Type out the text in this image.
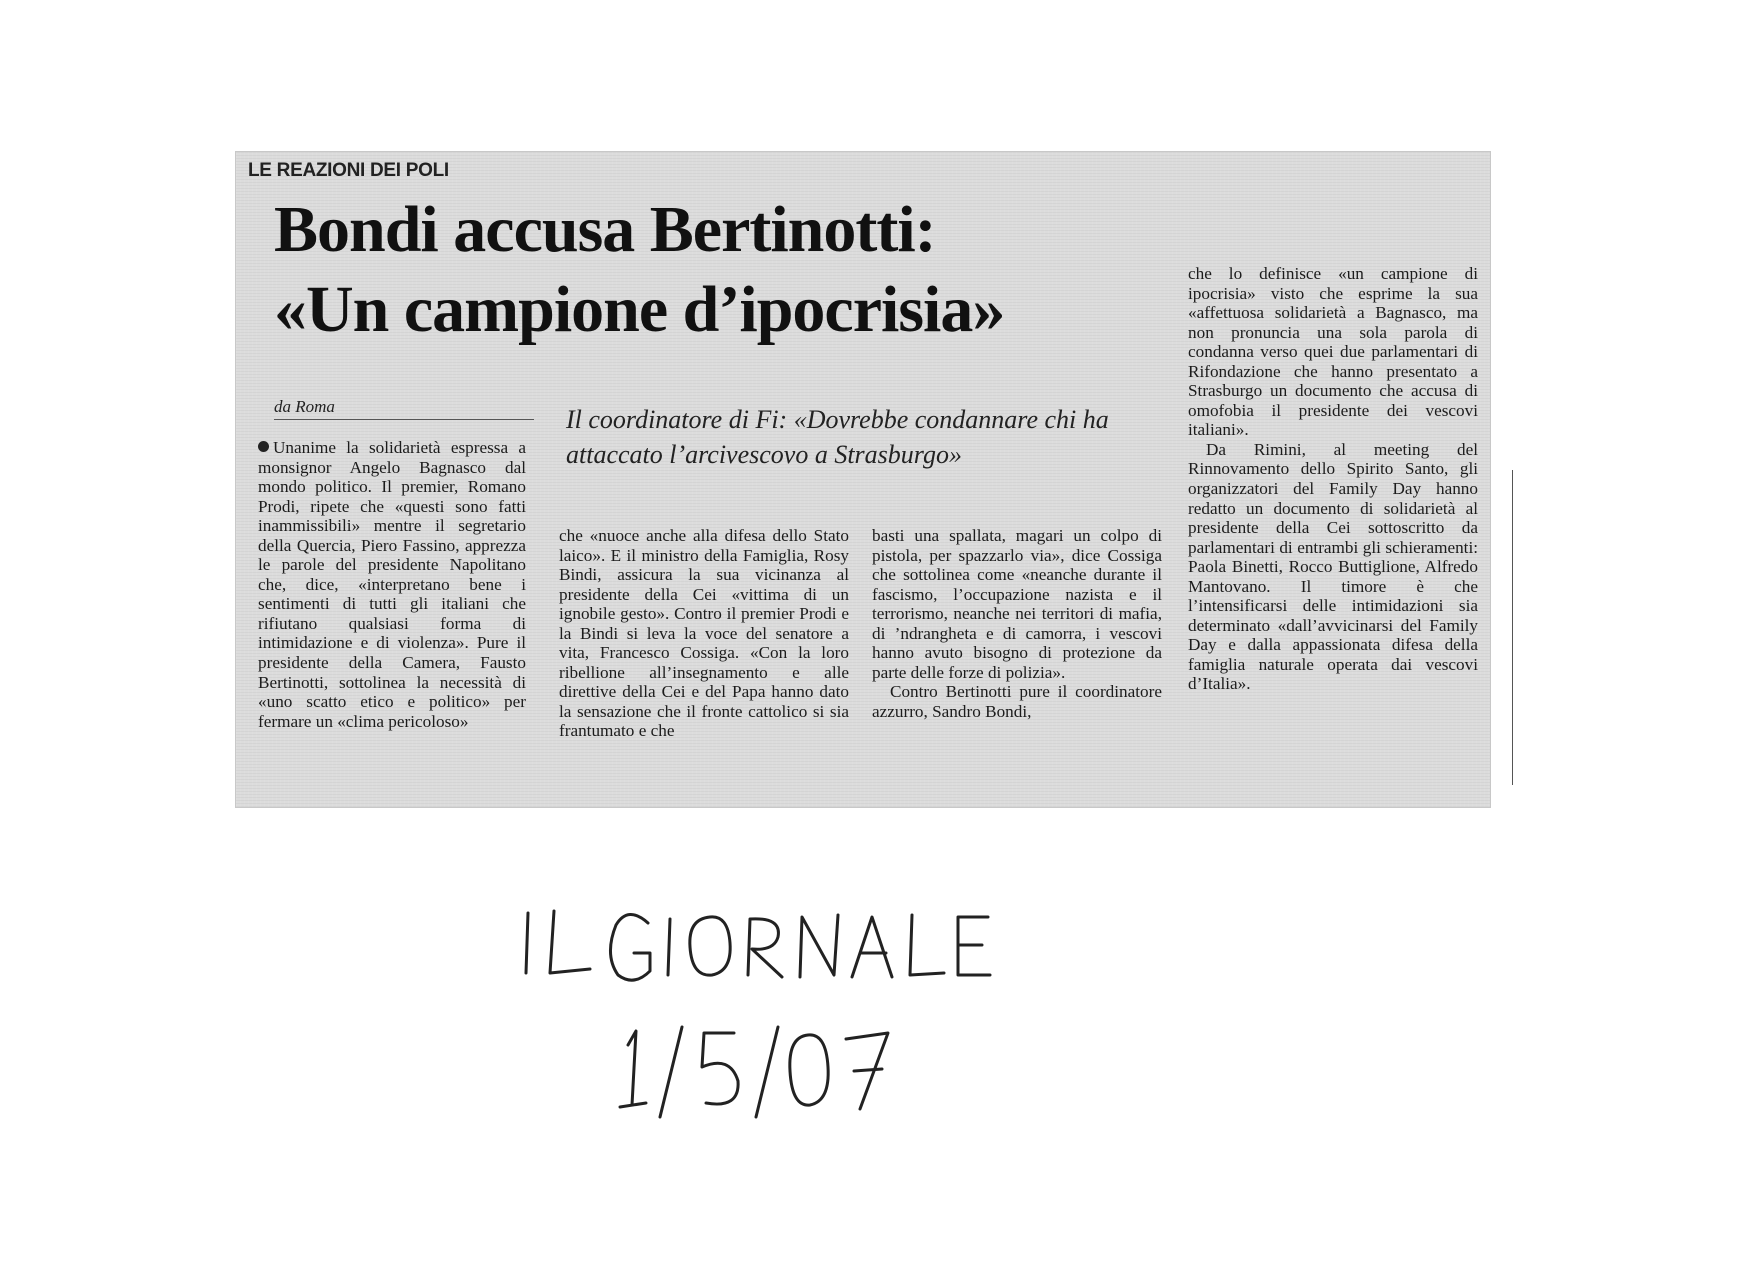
LE REAZIONI DEI POLI
Bondi accusa Bertinotti:
«Un campione d’ipocrisia»
da Roma	Il coordinatore di Fi: «Dovrebbe condannare chi ha attaccato l’arcivescovo a Strasburgo»

Unanime la solidarietà espressa a monsignor Angelo Bagnasco dal mondo politico. Il premier, Romano Prodi, ripete che «questi sono fatti inammissibili» mentre il segretario della Quercia, Piero Fassino, apprezza le parole del presidente Napolitano che, dice, «interpretano bene i sentimenti di tutti gli italiani che rifiutano qualsiasi forma di intimidazione e di violenza». Pure il presidente della Camera, Fausto Bertinotti, sottolinea la necessità di «uno scatto etico e politico» per fermare un «clima pericoloso»

che «nuoce anche alla difesa dello Stato laico». E il ministro della Famiglia, Rosy Bindi, assicura la sua vicinanza al presidente della Cei «vittima di un ignobile gesto». Contro il premier Prodi e la Bindi si leva la voce del senatore a vita, Francesco Cossiga. «Con la loro ribellione all’insegnamento e alle direttive della Cei e del Papa hanno dato la sensazione che il fronte cattolico si sia frantumato e che

basti una spallata, magari un colpo di pistola, per spazzarlo via», dice Cossiga che sottolinea come «neanche durante il fascismo, l’occupazione nazista e il terrorismo, neanche nei territori di mafia, di ’ndrangheta e di camorra, i vescovi hanno avuto bisogno di protezione da parte delle forze di polizia».

Contro Bertinotti pure il coordinatore azzurro, Sandro Bondi,

che lo definisce «un campione di ipocrisia» visto che esprime la sua «affettuosa solidarietà a Bagnasco, ma non pronuncia una sola parola di condanna verso quei due parlamentari di Rifondazione che hanno presentato a Strasburgo un documento che accusa di omofobia il presidente dei vescovi italiani».

Da Rimini, al meeting del Rinnovamento dello Spirito Santo, gli organizzatori del Family Day hanno redatto un documento di solidarietà al presidente della Cei sottoscritto da parlamentari di entrambi gli schieramenti: Paola Binetti, Rocco Buttiglione, Alfredo Mantovano. Il timore è che l’intensificarsi delle intimidazioni sia determinato «dall’avvicinarsi del Family Day e dalla appassionata difesa della famiglia naturale operata dai vescovi d’Italia».
